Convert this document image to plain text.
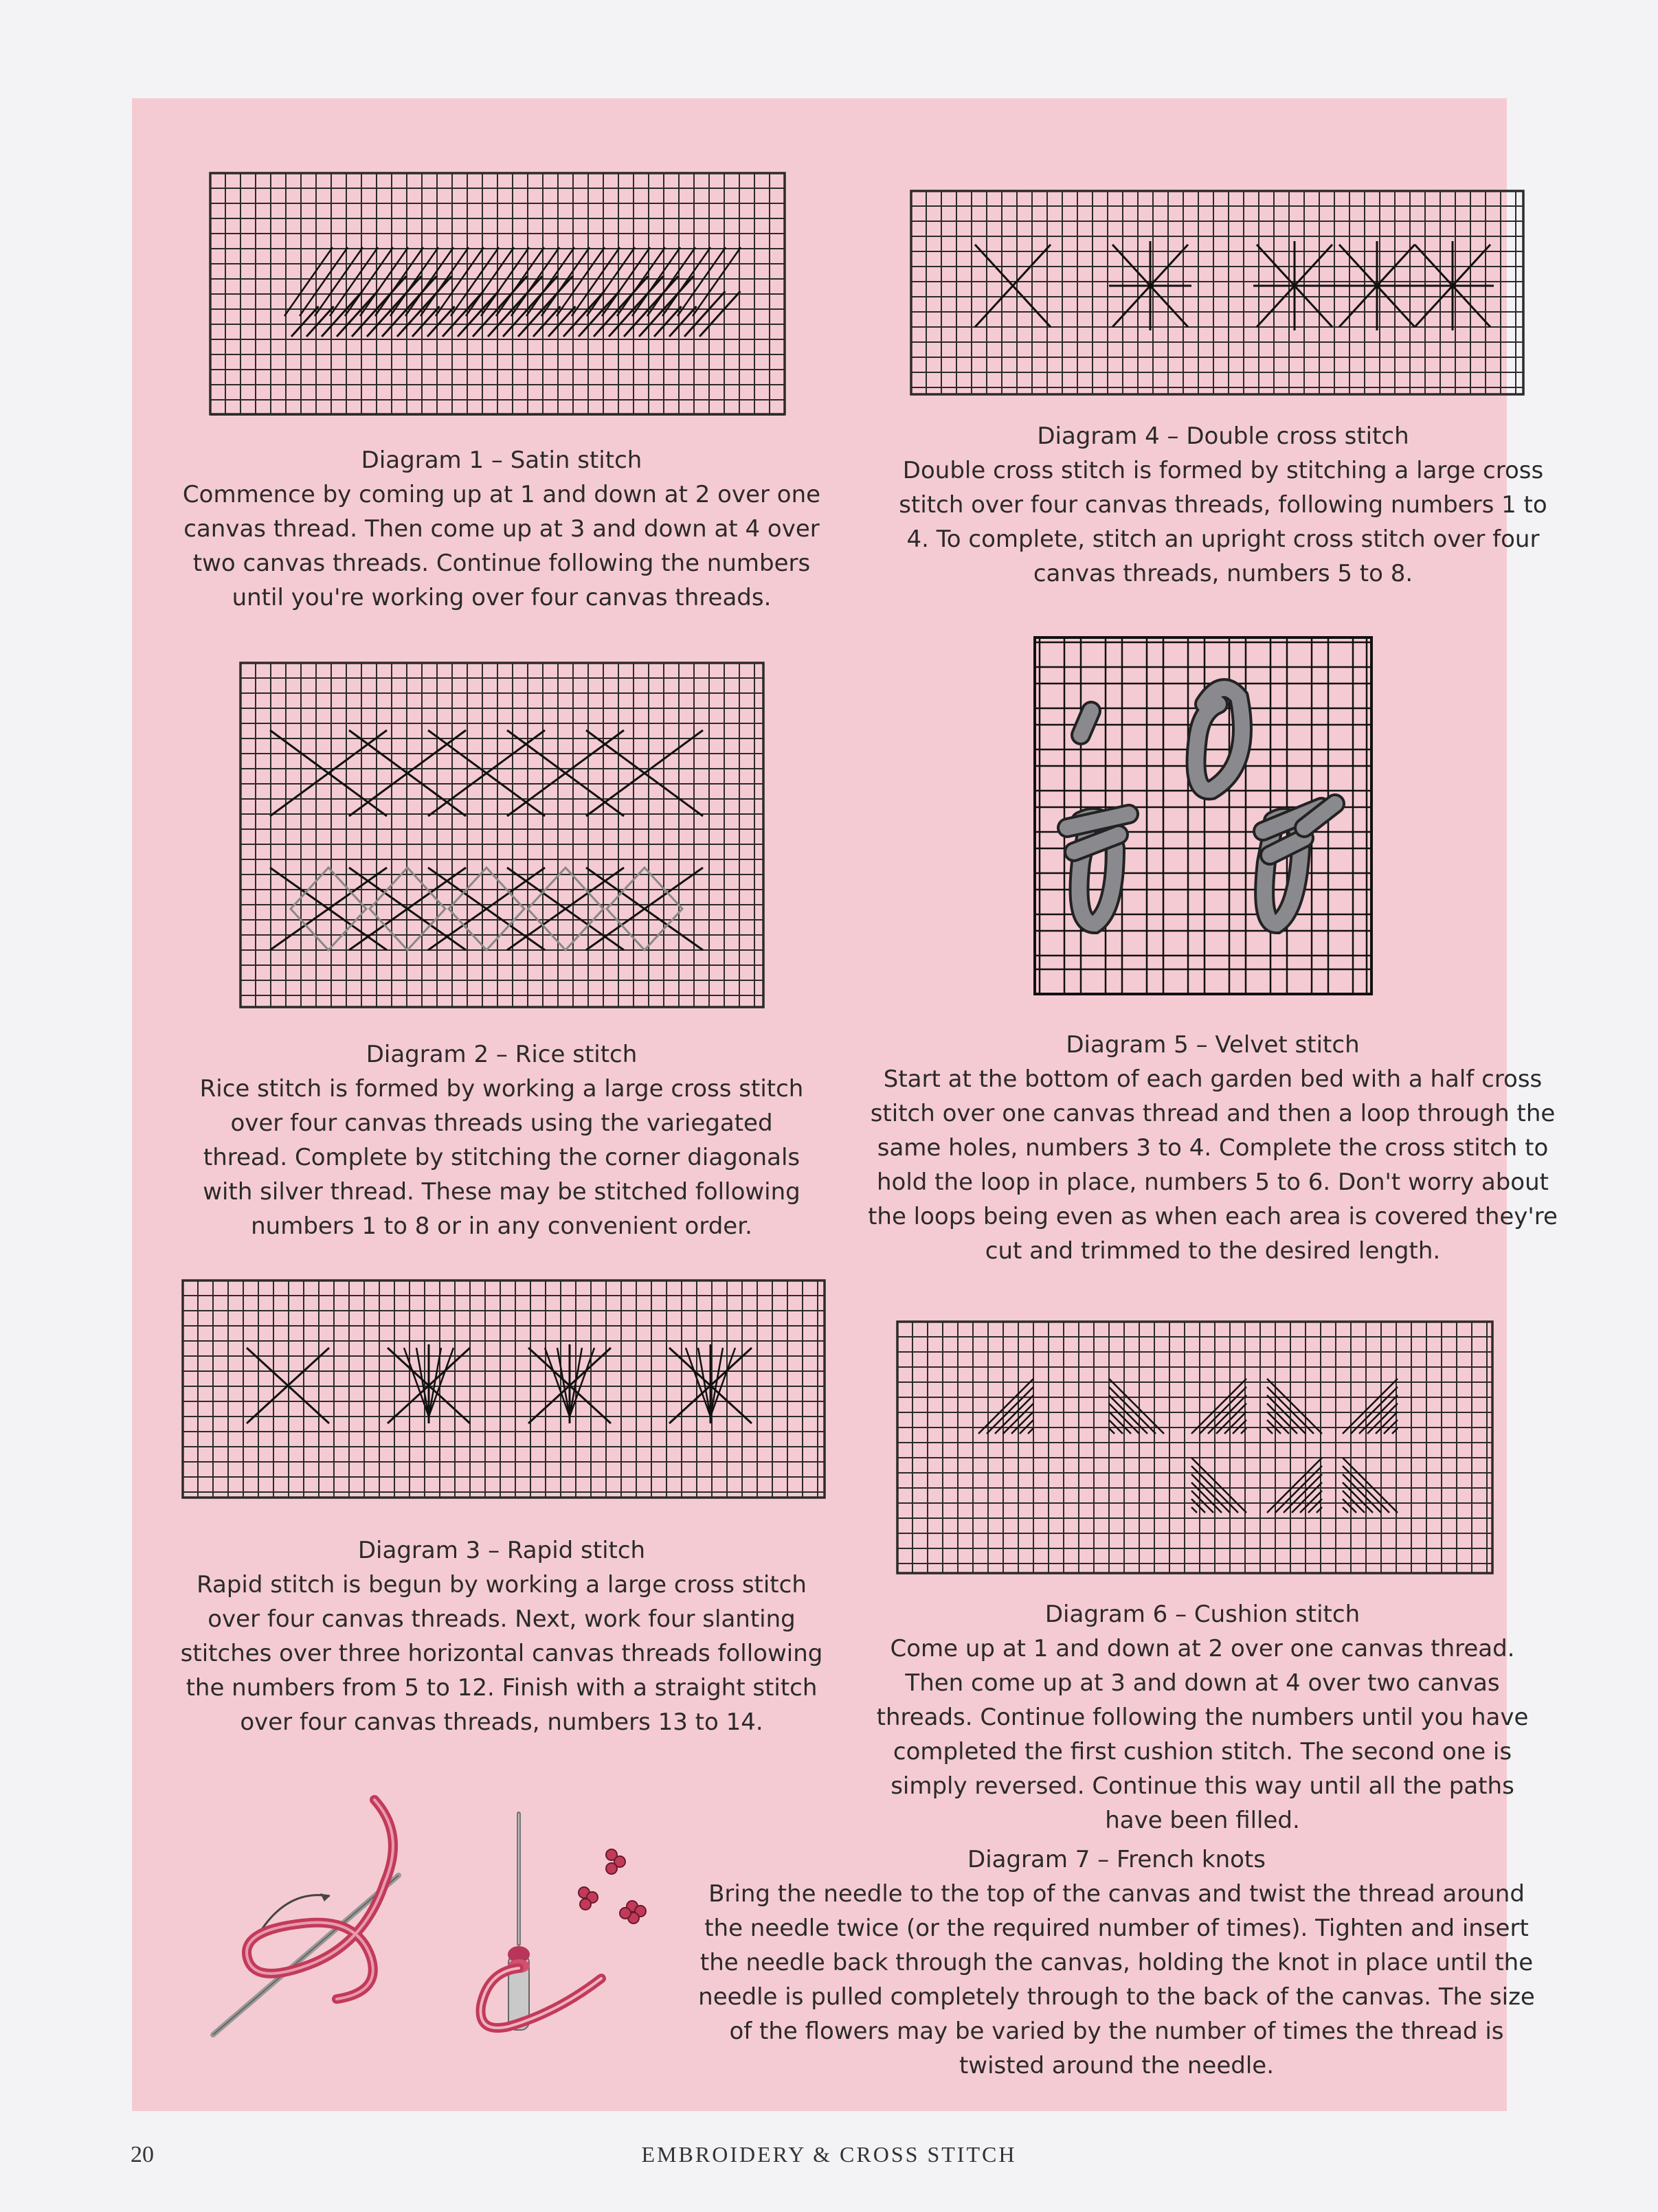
Diagram 1 – Satin stitch
Commence by coming up at 1 and down at 2 over one canvas thread. Then come up at 3 and down at 4 over two canvas threads. Continue following the numbers until you're working over four canvas threads.
Diagram 4 – Double cross stitch
Double cross stitch is formed by stitching a large cross stitch over four canvas threads, following numbers 1 to 4. To complete, stitch an upright cross stitch over four canvas threads, numbers 5 to 8.
Diagram 2 – Rice stitch
Rice stitch is formed by working a large cross stitch over four canvas threads using the variegated thread. Complete by stitching the corner diagonals with silver thread. These may be stitched following numbers 1 to 8 or in any convenient order.
Diagram 5 – Velvet stitch
Start at the bottom of each garden bed with a half cross stitch over one canvas thread and then a loop through the same holes, numbers 3 to 4. Complete the cross stitch to hold the loop in place, numbers 5 to 6. Don't worry about the loops being even as when each area is covered they're cut and trimmed to the desired length.
Diagram 3 – Rapid stitch
Rapid stitch is begun by working a large cross stitch over four canvas threads. Next, work four slanting stitches over three horizontal canvas threads following the numbers from 5 to 12. Finish with a straight stitch over four canvas threads, numbers 13 to 14.
Diagram 6 – Cushion stitch
Come up at 1 and down at 2 over one canvas thread. Then come up at 3 and down at 4 over two canvas threads. Continue following the numbers until you have completed the first cushion stitch. The second one is simply reversed. Continue this way until all the paths have been filled.
Diagram 7 – French knots
Bring the needle to the top of the canvas and twist the thread around the needle twice (or the required number of times). Tighten and insert the needle back through the canvas, holding the knot in place until the needle is pulled completely through to the back of the canvas. The size of the flowers may be varied by the number of times the thread is twisted around the needle.
20	EMBROIDERY & CROSS STITCH
